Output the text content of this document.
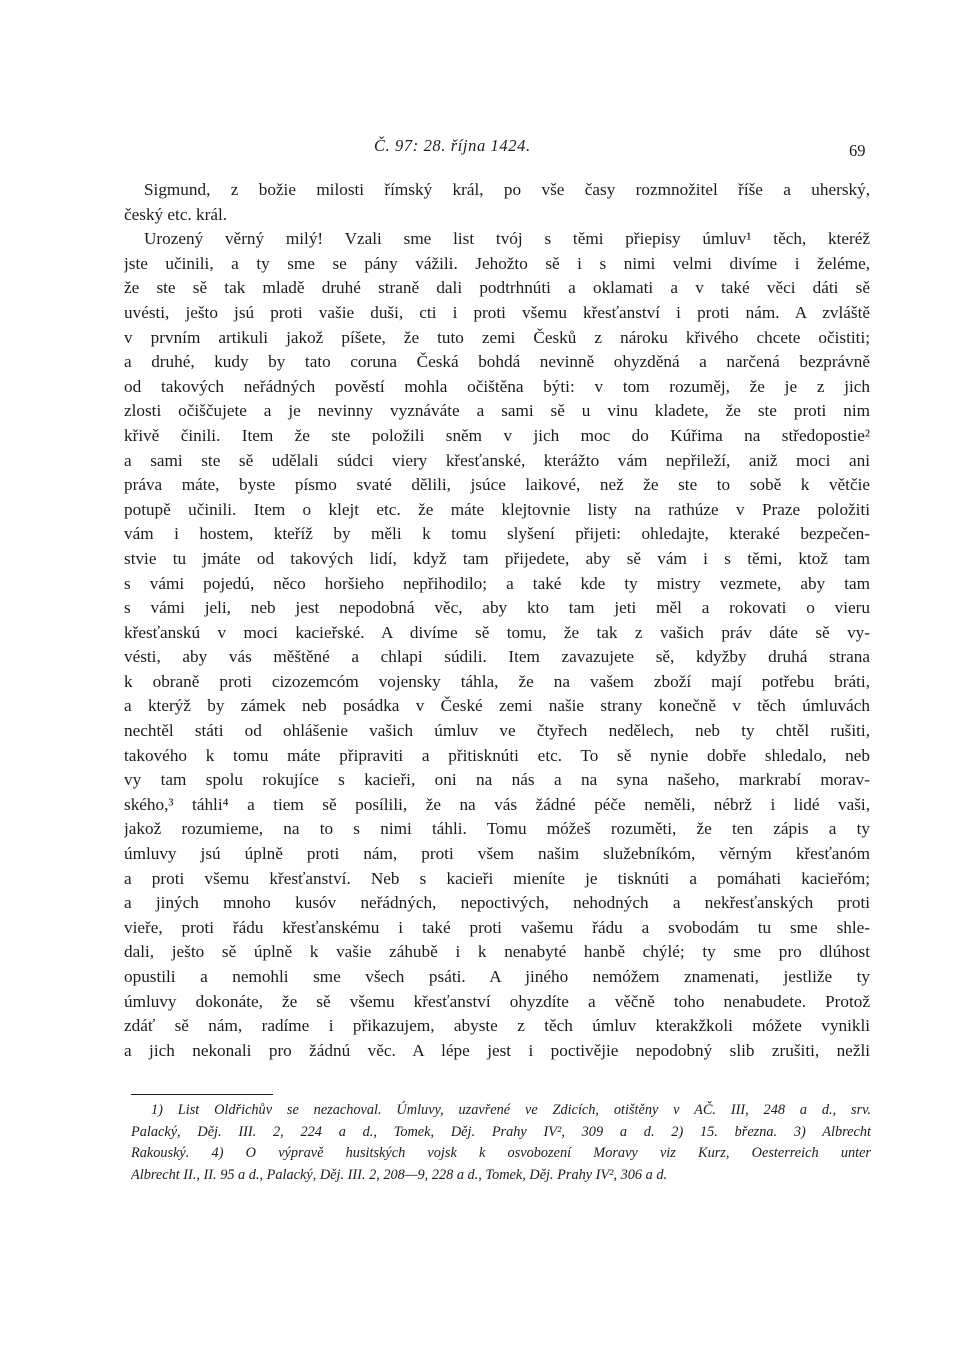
Č. 97: 28. října 1424.	69
Sigmund, z božie milosti římský král, po vše časy rozmnožitel říše a uherský,
český etc. král.
Urozený věrný milý! Vzali sme list tvój s těmi přiepisy úmluv¹ těch, kteréž
jste učinili, a ty sme se pány vážili. Jehožto sě i s nimi velmi divíme i želéme,
že ste sě tak mladě druhé straně dali podtrhnúti a oklamati a v také věci dáti sě
uvésti, ješto jsú proti vašie duši, cti i proti všemu křesťanství i proti nám. A zvláště
v prvním artikuli jakož píšete, že tuto zemi Česků z nároku křivého chcete očistiti;
a druhé, kudy by tato coruna Česká bohdá nevinně ohyzděná a narčená bezprávně
od takových neřádných pověstí mohla očištěna býti: v tom rozuměj, že je z jich
zlosti očiščujete a je nevinny vyznáváte a sami sě u vinu kladete, že ste proti nim
křivě činili. Item že ste položili sněm v jich moc do Kúřima na středopostie²
a sami ste sě udělali súdci viery křesťanské, kterážto vám nepřileží, aniž moci ani
práva máte, byste písmo svaté dělili, jsúce laikové, než že ste to sobě k větčie
potupě učinili. Item o klejt etc. že máte klejtovnie listy na rathúze v Praze položiti
vám i hostem, kteříž by měli k tomu slyšení přijeti: ohledajte, kteraké bezpečen-
stvie tu jmáte od takových lidí, když tam přijedete, aby sě vám i s těmi, ktož tam
s vámi pojedú, něco horšieho nepřihodilo; a také kde ty mistry vezmete, aby tam
s vámi jeli, neb jest nepodobná věc, aby kto tam jeti měl a rokovati o vieru
křesťanskú v moci kacieřské. A divíme sě tomu, že tak z vašich práv dáte sě vy-
vésti, aby vás měštěné a chlapi súdili. Item zavazujete sě, kdyžby druhá strana
k obraně proti cizozemcóm vojensky táhla, že na vašem zboží mají potřebu bráti,
a kterýž by zámek neb posádka v České zemi našie strany konečně v těch úmluvách
nechtěl státi od ohlášenie vašich úmluv ve čtyřech nedělech, neb ty chtěl rušiti,
takového k tomu máte připraviti a přitisknúti etc. To sě nynie dobře shledalo, neb
vy tam spolu rokujíce s kacieři, oni na nás a na syna našeho, markrabí morav-
ského,³ táhli⁴ a tiem sě posílili, že na vás žádné péče neměli, nébrž i lidé vaši,
jakož rozumieme, na to s nimi táhli. Tomu móžeš rozuměti, že ten zápis a ty
úmluvy jsú úplně proti nám, proti všem našim služebníkóm, věrným křesťanóm
a proti všemu křesťanství. Neb s kacieři mieníte je tisknúti a pomáhati kacieřóm;
a jiných mnoho kusóv neřádných, nepoctivých, nehodných a nekřesťanských proti
vieře, proti řádu křesťanskému i také proti vašemu řádu a svobodám tu sme shle-
dali, ješto sě úplně k vašie záhubě i k nenabyté hanbě chýlé; ty sme pro dlúhost
opustili a nemohli sme všech psáti. A jiného nemóžem znamenati, jestliže ty
úmluvy dokonáte, že sě všemu křesťanství ohyzdíte a věčně toho nenabudete. Protož
zdáť sě nám, radíme i přikazujem, abyste z těch úmluv kterakžkoli móžete vynikli
a jich nekonali pro žádnú věc. A lépe jest i poctivějie nepodobný slib zrušiti, nežli
1) List Oldřichův se nezachoval. Úmluvy, uzavřené ve Zdicích, otištěny v AČ. III, 248 a d., srv.
Palacký, Děj. III. 2, 224 a d., Tomek, Děj. Prahy IV², 309 a d. 2) 15. března. 3) Albrecht
Rakouský. 4) O výpravě husitských vojsk k osvobození Moravy viz Kurz, Oesterreich unter
Albrecht II., II. 95 a d., Palacký, Děj. III. 2, 208—9, 228 a d., Tomek, Děj. Prahy IV², 306 a d.
